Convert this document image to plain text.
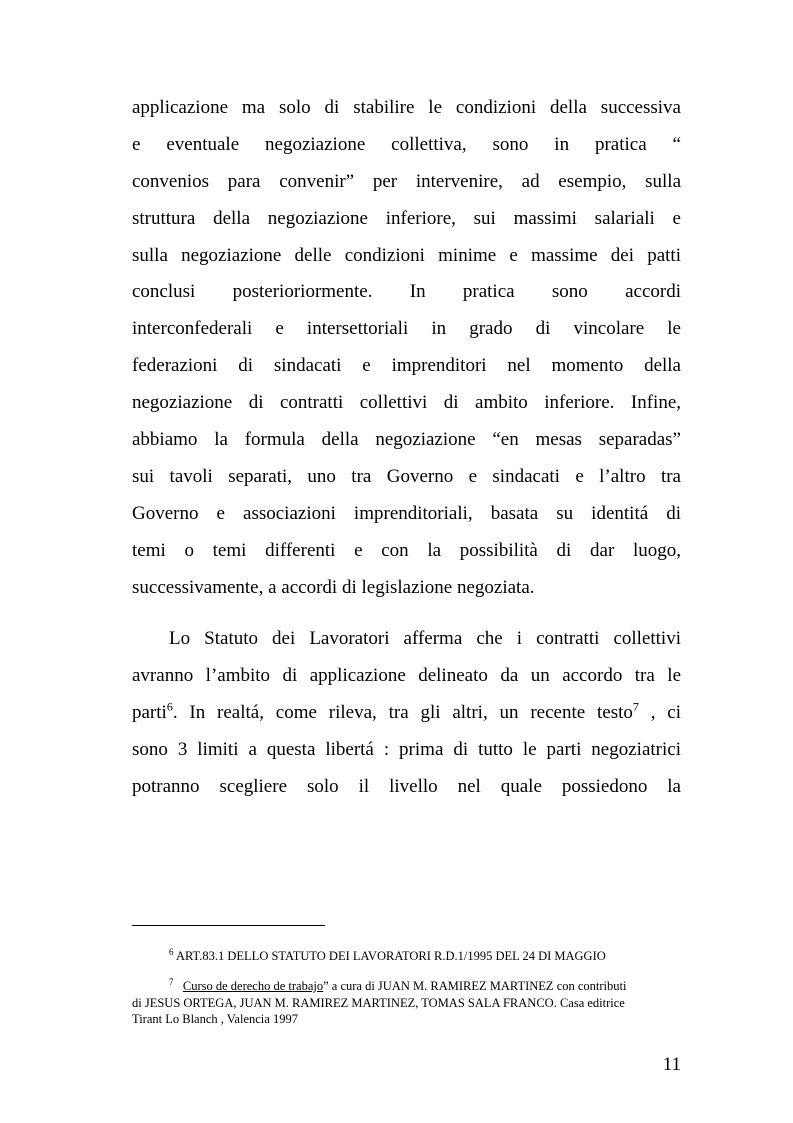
applicazione ma solo di stabilire le condizioni della successiva
e eventuale negoziazione collettiva, sono in pratica “
convenios para convenir” per intervenire, ad esempio, sulla
struttura della negoziazione inferiore, sui massimi salariali e
sulla negoziazione delle condizioni minime e massime dei patti
conclusi posterioriormente. In pratica sono accordi
interconfederali e intersettoriali in grado di vincolare le
federazioni di sindacati e imprenditori nel momento della
negoziazione di contratti collettivi di ambito inferiore. Infine,
abbiamo la formula della negoziazione “en mesas separadas”
sui tavoli separati, uno tra Governo e sindacati e l’altro tra
Governo e associazioni imprenditoriali, basata su identitá di
temi o temi differenti e con la possibilità di dar luogo,
successivamente, a accordi di legislazione negoziata.
Lo Statuto dei Lavoratori afferma che i contratti collettivi
avranno l’ambito di applicazione delineato da un accordo tra le
parti$^6$. In realtá, come rileva, tra gli altri, un recente testo$^7$ , ci
sono 3 limiti a questa libertá : prima di tutto le parti negoziatrici
potranno scegliere solo il livello nel quale possiedono la
$^6$ ART.83.1 DELLO STATUTO DEI LAVORATORI R.D.1/1995 DEL 24 DI MAGGIO
$^7$ Curso de derecho de trabajo” a cura di JUAN M. RAMIREZ MARTINEZ con contributi
di JESUS ORTEGA, JUAN M. RAMIREZ MARTINEZ, TOMAS SALA FRANCO. Casa editrice
Tirant Lo Blanch , Valencia 1997
11
